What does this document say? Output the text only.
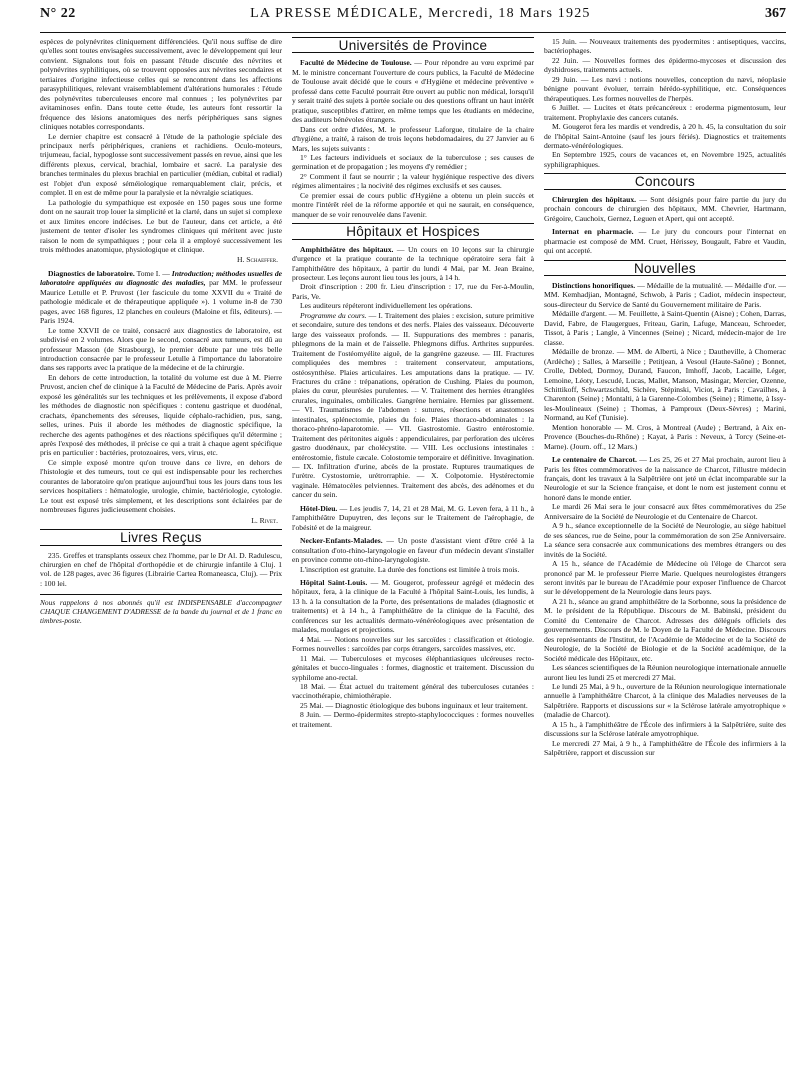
N° 22	LA PRESSE MÉDICALE, Mercredi, 18 Mars 1925	367

espèces de polynévrites cliniquement différenciées. Qu'il nous suffise de dire qu'elles sont toutes envisagées successivement, avec le développement qui leur convient. Signalons tout fois en passant l'étude discutée des névrites et polynévrites syphilitiques, où se trouvent opposées aux névrites secondaires et tertiaires d'origine infectieuse celles qui se rencontrent dans les affections parasyphilitiques, relevant vraisemblablement d'altérations humorales : l'étude des polynévrites tuberculeuses encore mal connues ; les polynévrites par avitaminoses enfin. Dans toute cette étude, les auteurs font ressortir la fréquence des lésions anatomiques des nerfs périphériques sans signes cliniques notables correspondants.

Le dernier chapitre est consacré à l'étude de la pathologie spéciale des principaux nerfs périphériques, craniens et rachidiens. Oculo-moteurs, trijumeau, facial, hypoglosse sont successivement passés en revue, ainsi que les différents plexus, cervical, brachial, lombaire et sacré. La paralysie des branches terminales du plexus brachial en particulier (médian, cubital et radial) est l'objet d'un exposé séméiologique remarquablement clair, précis, et complet. Il en est de même pour la paralysie et la névralgie sciatiques.

La pathologie du sympathique est exposée en 150 pages sous une forme dont on ne saurait trop louer la simplicité et la clarté, dans un sujet si complexe et aux limites encore indécises. Le but de l'auteur, dans cet article, a été justement de tenter d'isoler les syndromes cliniques qui méritent avec juste raison le nom de sympathiques ; pour cela il a employé successivement les trois méthodes anatomique, physiologique et clinique.

H. Schaeffer.

Diagnostics de laboratoire. Tome I. — Introduction; méthodes usuelles de laboratoire appliquées au diagnostic des maladies, par MM. le professeur Maurice Letulle et P. Pruvost (1er fascicule du tome XXVII du « Traité de pathologie médicale et de thérapeutique appliquée »). 1 volume in-8 de 730 pages, avec 168 figures, 12 planches en couleurs (Maloine et fils, éditeurs). — Paris 1924.

Le tome XXVII de ce traité, consacré aux diagnostics de laboratoire, est subdivisé en 2 volumes. Alors que le second, consacré aux tumeurs, est dû au professeur Masson (de Strasbourg), le premier débute par une très belle introduction consacrée par le professeur Letulle à l'importance du laboratoire dans ses rapports avec la pratique de la médecine et de la chirurgie.

En dehors de cette introduction, la totalité du volume est due à M. Pierre Pruvost, ancien chef de clinique à la Faculté de Médecine de Paris. Après avoir exposé les généralités sur les techniques et les prélèvements, il expose d'abord les méthodes de diagnostic non spécifiques : contenu gastrique et duodénal, crachats, épanchements des séreuses, liquide céphalo-rachidien, pus, sang, selles, urines. Puis il aborde les méthodes de diagnostic spécifique, la recherche des agents pathogènes et des réactions spécifiques qu'il détermine ; après l'exposé des méthodes, il précise ce qui a trait à chaque agent spécifique pris en particulier : bactéries, protozoaires, vers, virus, etc.

Ce simple exposé montre qu'on trouve dans ce livre, en dehors de l'histologie et des tumeurs, tout ce qui est indispensable pour les recherches courantes de laboratoire qu'on pratique aujourd'hui tous les jours dans tous les services hospitaliers : hématologie, urologie, chimie, bactériologie, cytologie. Le tout est exposé très simplement, et les descriptions sont éclairées par de nombreuses figures judicieusement choisies.

L. Rivet.

Livres Reçus

235. Greffes et transplants osseux chez l'homme, par le Dr Al. D. Radulescu, chirurgien en chef de l'hôpital d'orthopédie et de chirurgie infantile à Cluj. 1 vol. de 128 pages, avec 36 figures (Librairie Cartea Romaneasca, Cluj). — Prix : 100 lei.

Nous rappelons à nos abonnés qu'il est INDISPENSABLE d'accompagner CHAQUE CHANGEMENT D'ADRESSE de la bande du journal et de 1 franc en timbres-poste.
Universités de Province

Faculté de Médecine de Toulouse. — Pour répondre au vœu exprimé par M. le ministre concernant l'ouverture de cours publics, la Faculté de Médecine de Toulouse avait décidé que le cours « d'Hygiène et médecine préventive » professé dans cette Faculté pourrait être ouvert au public non médical, lorsqu'il y serait traité des sujets à portée sociale ou des questions offrant un haut intérêt pratique, susceptibles d'attirer, en même temps que les étudiants en médecine, des auditeurs bénévoles étrangers.

Dans cet ordre d'idées, M. le professeur Laforgue, titulaire de la chaire d'hygiène, a traité, à raison de trois leçons hebdomadaires, du 27 Janvier au 6 Mars, les sujets suivants :

1° Les facteurs individuels et sociaux de la tuberculose ; ses causes de germination et de propagation ; les moyens d'y remédier ;

2° Comment il faut se nourrir ; la valeur hygiénique respective des divers régimes alimentaires ; la nocivité des régimes exclusifs et ses causes.

Ce premier essai de cours public d'Hygiène a obtenu un plein succès et montre l'intérêt réel de la réforme apportée et qui ne saurait, en conséquence, manquer de se voir renouvelée dans l'avenir.

Hôpitaux et Hospices

Amphithéâtre des hôpitaux. — Un cours en 10 leçons sur la chirurgie d'urgence et la pratique courante de la technique opératoire sera fait à l'amphithéâtre des hôpitaux, à partir du lundi 4 Mai, par M. Jean Braine, prosecteur. Les leçons auront lieu tous les jours, à 14 h.

Droit d'inscription : 200 fr. Lieu d'inscription : 17, rue du Fer-à-Moulin, Paris, Ve.

Les auditeurs répéteront individuellement les opérations.

Programme du cours. — I. Traitement des plaies : excision, suture primitive et secondaire, suture des tendons et des nerfs. Plaies des vaisseaux. Découverte large des vaisseaux profonds. — II. Suppurations des membres : panaris, phlegmons de la main et de l'aisselle. Phlegmons diffus. Arthrites suppurées. Traitement de l'ostéomyélite aiguë, de la gangrène gazeuse. — III. Fractures compliquées des membres : traitement conservateur, amputations, ostéosynthèse. Plaies articulaires. Les amputations dans la pratique. — IV. Fractures du crâne : trépanations, opération de Cushing. Plaies du poumon, plaies du cœur, pleurésies purulentes. — V. Traitement des hernies étranglées crurales, inguinales, ombilicales. Gangrène herniaire. Hernies par glissement. — VI. Traumatismes de l'abdomen : sutures, résections et anastomoses intestinales, splénectomie, plaies du foie. Plaies thoraco-abdominales : la thoraco-phréno-laparotomie. — VII. Gastrostomie. Gastro entérostomie. Traitement des péritonites aiguës : appendiculaires, par perforation des ulcères gastro duodénaux, par cholécystite. — VIII. Les occlusions intestinales : entérostomie, fistule cæcale. Colostomie temporaire et définitive. Invagination. — IX. Infiltration d'urine, abcès de la prostate. Ruptures traumatiques de l'urètre. Cystostomie, urétrorraphie. — X. Colpotomie. Hystérectomie vaginale. Hématocèles pelviennes. Traitement des abcès, des adénomes et du cancer du sein.

Hôtel-Dieu. — Les jeudis 7, 14, 21 et 28 Mai, M. G. Leven fera, à 11 h., à l'amphithéâtre Dupuytren, des leçons sur le Traitement de l'aérophagie, de l'obésité et de la maigreur.

Necker-Enfants-Malades. — Un poste d'assistant vient d'être créé à la consultation d'oto-rhino-laryngologie en faveur d'un médecin devant s'installer en province comme oto-rhino-laryngologiste.

L'inscription est gratuite. La durée des fonctions est limitée à trois mois.

Hôpital Saint-Louis. — M. Gougerot, professeur agrégé et médecin des hôpitaux, fera, à la clinique de la Faculté à l'hôpital Saint-Louis, les lundis, à 13 h. à la consultation de la Porte, des présentations de malades (diagnostic et traitements) et à 14 h., à l'amphithéâtre de la clinique de la Faculté, des conférences sur les actualités dermato-vénéréologiques avec présentation de malades, moulages et projections.

4 Mai. — Notions nouvelles sur les sarcoïdes : classification et étiologie. Formes nouvelles : sarcoïdes par corps étrangers, sarcoïdes massives, etc.

11 Mai. — Tuberculoses et mycoses éléphantiasiques ulcéreuses recto-génitales et bucco-linguales : formes, diagnostic et traitement. Discussion du syphilome ano-rectal.

18 Mai. — État actuel du traitement général des tuberculoses cutanées : vaccinothérapie, chimiothérapie.

25 Mai. — Diagnostic étiologique des bubons inguinaux et leur traitement.

8 Juin. — Dermo-épidermites strepto-staphylococciques : formes nouvelles et traitement.

15 Juin. — Nouveaux traitements des pyodermites : antiseptiques, vaccins, bactériophages.

22 Juin. — Nouvelles formes des épidermo-mycoses et discussion des dyshidroses, traitements actuels.

29 Juin. — Les nævi : notions nouvelles, conception du nævi, néoplasie bénigne pouvant évoluer, terrain hérédo-syphilitique, etc. Conséquences thérapeutiques. Les formes nouvelles de l'herpès.

6 Juillet. — Lucites et états précancéreux : erodermа pigmentosum, leur traitement. Prophylaxie des cancers cutanés.

M. Gougerot fera les mardis et vendredis, à 20 h. 45, la consultation du soir de l'hôpital Saint-Antoine (sauf les jours fériés). Diagnostics et traitements dermato-vénéréologiques.

En Septembre 1925, cours de vacances et, en Novembre 1925, actualités syphiligraphiques.

Concours

Chirurgien des hôpitaux. — Sont désignés pour faire partie du jury du prochain concours de chirurgien des hôpitaux, MM. Chevrier, Hartmann, Grégoire, Cauchoix, Gernez, Leguen et Apert, qui ont accepté.

Internat en pharmacie. — Le jury du concours pour l'internat en pharmacie est composé de MM. Cruet, Hérissey, Bougault, Fabre et Vaudin, qui ont accepté.

Nouvelles

Distinctions honorifiques. — Médaille de la mutualité. — Médaille d'or. — MM. Kemhadjian, Montagné, Schwob, à Paris ; Cadiot, médecin inspecteur, sous-directeur du Service de Santé du Gouvernement militaire de Paris.

Médaille d'argent. — M. Feuillette, à Saint-Quentin (Aisne) ; Cohen, Darras, David, Fabre, de Flaugergues, Friteau, Garin, Lafuge, Manceau, Schroeder, Tissot, à Paris ; Langle, à Vincennes (Seine) ; Nicard, médecin-major de 1re classe.

Médaille de bronze. — MM. de Alberti, à Nice ; Dautheville, à Chomerac (Ardèche) ; Salles, à Marseille ; Petitjean, à Vesoul (Haute-Saône) ; Bonnet, Crolle, Debled, Dormoy, Durand, Faucon, Imhoff, Jacob, Lacaille, Léger, Lemoine, Léoty, Lescudé, Lucas, Mallet, Manson, Masingar, Mercier, Ozenne, Schittikoff, Schwartzschild, Sichère, Stépinski, Viciot, à Paris ; Cavailhes, à Charenton (Seine) ; Montalti, à la Garenne-Colombes (Seine) ; Rimette, à Issy-les-Moulineaux (Seine) ; Thomas, à Pamproux (Deux-Sèvres) ; Marini, Normand, au Kef (Tunisie).

Mention honorable — M. Cros, à Montreal (Aude) ; Bertrand, à Aix en-Provence (Bouches-du-Rhône) ; Kayat, à Paris : Neveux, à Torcy (Seine-et-Marne). (Journ. off., 12 Mars.)

Le centenaire de Charcot. — Les 25, 26 et 27 Mai prochain, auront lieu à Paris les fêtes commémoratives de la naissance de Charcot, l'illustre médecin français, dont les travaux à la Salpêtrière ont jeté un éclat incomparable sur la Neurologie et sur la Science française, et dont le nom est justement connu et honoré dans le monde entier.

Le mardi 26 Mai sera le jour consacré aux fêtes commémoratives du 25e Anniversaire de la Société de Neurologie et du Centenaire de Charcot.

A 9 h., séance exceptionnelle de la Société de Neurologie, au siège habituel de ses séances, rue de Seine, pour la commémoration de son 25e Anniversaire. La séance sera consacrée aux communications des membres étrangers ou des invités de la Société.

A 15 h., séance de l'Académie de Médecine où l'éloge de Charcot sera prononcé par M. le professeur Pierre Marie. Quelques neurologistes étrangers seront invités par le bureau de l'Académie pour exposer l'influence de Charcot sur le développement de la Neurologie dans leurs pays.

A 21 h., séance au grand amphithéâtre de la Sorbonne, sous la présidence de M. le président de la République. Discours de M. Babinski, président du Comité du Centenaire de Charcot. Adresses des délégués officiels des gouvernements. Discours de M. le Doyen de la Faculté de Médecine. Discours des représentants de l'Institut, de l'Académie de Médecine et de la Société de Neurologie, de la Société de Biologie et de la Société académique, de la Société médicale des Hôpitaux, etc.

Les séances scientifiques de la Réunion neurologique internationale annuelle auront lieu les lundi 25 et mercredi 27 Mai.

Le lundi 25 Mai, à 9 h., ouverture de la Réunion neurologique internationale annuelle à l'amphithéâtre Charcot, à la clinique des Maladies nerveuses de la Salpêtrière. Rapports et discussions sur « la Sclérose latérale amyotrophique » (maladie de Charcot).

A 15 h., à l'amphithéâtre de l'École des infirmiers à la Salpêtrière, suite des discussions sur la Sclérose latérale amyotrophique.

Le mercredi 27 Mai, à 9 h., à l'amphithéâtre de l'École des infirmiers à la Salpêtrière, rapport et discussion sur
